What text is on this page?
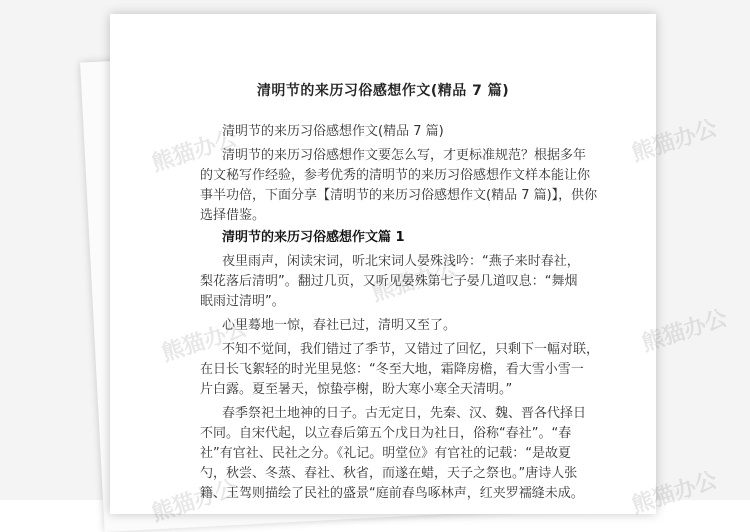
熊猫办公	熊猫办公
熊猫办公	熊猫办公
熊猫办公	熊猫办公
熊猫办公
清明节的来历习俗感想作文(精品 7 篇)
清明节的来历习俗感想作文(精品 7 篇)
清明节的来历习俗感想作文要怎么写，才更标准规范？根据多年
的文秘写作经验，参考优秀的清明节的来历习俗感想作文样本能让你
事半功倍，下面分享【清明节的来历习俗感想作文(精品 7 篇)】，供你
选择借鉴。
清明节的来历习俗感想作文篇 1
夜里雨声，闲读宋词，听北宋词人晏殊浅吟：“燕子来时春社，
梨花落后清明”。翻过几页，又听见晏殊第七子晏几道叹息：“舞烟
眠雨过清明”。
心里蓦地一惊，春社已过，清明又至了。
不知不觉间，我们错过了季节，又错过了回忆，只剩下一幅对联，
在日长飞絮轻的时光里晃悠：“冬至大地，霜降房檐，看大雪小雪一
片白露。夏至暑天，惊蛰亭榭，盼大寒小寒全天清明。”
春季祭祀土地神的日子。古无定日，先秦、汉、魏、晋各代择日
不同。自宋代起，以立春后第五个戊日为社日，俗称“春社”。“春
社”有官社、民社之分。《礼记。明堂位》有官社的记载：“是故夏
勺，秋尝、冬蒸、春社、秋省，而遂在蜡，天子之祭也。”唐诗人张
籍、王驾则描绘了民社的盛景“庭前春鸟啄林声，红夹罗襦缝未成。
